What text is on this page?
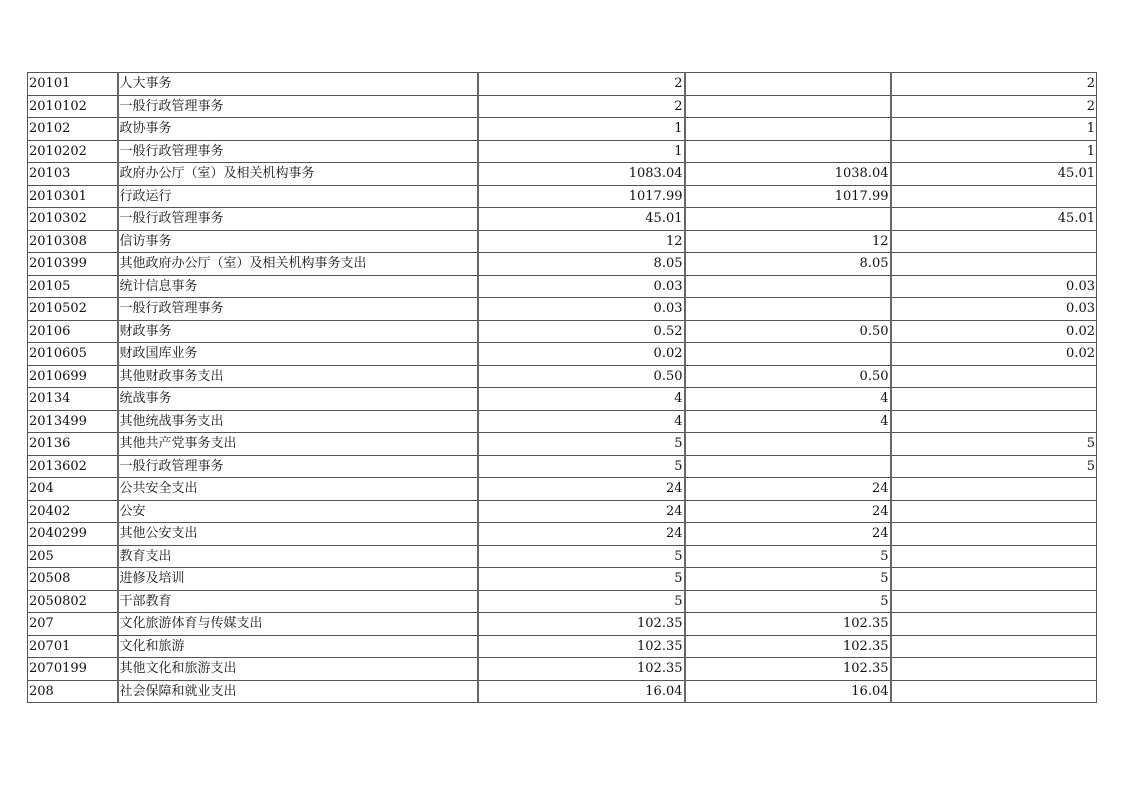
20101	人大事务	2		2
2010102	一般行政管理事务	2		2
20102	政协事务	1		1
2010202	一般行政管理事务	1		1
20103	政府办公厅（室）及相关机构事务	1083.04	1038.04	45.01
2010301	行政运行	1017.99	1017.99	
2010302	一般行政管理事务	45.01		45.01
2010308	信访事务	12	12	
2010399	其他政府办公厅（室）及相关机构事务支出	8.05	8.05	
20105	统计信息事务	0.03		0.03
2010502	一般行政管理事务	0.03		0.03
20106	财政事务	0.52	0.50	0.02
2010605	财政国库业务	0.02		0.02
2010699	其他财政事务支出	0.50	0.50	
20134	统战事务	4	4	
2013499	其他统战事务支出	4	4	
20136	其他共产党事务支出	5		5
2013602	一般行政管理事务	5		5
204	公共安全支出	24	24	
20402	公安	24	24	
2040299	其他公安支出	24	24	
205	教育支出	5	5	
20508	进修及培训	5	5	
2050802	干部教育	5	5	
207	文化旅游体育与传媒支出	102.35	102.35	
20701	文化和旅游	102.35	102.35	
2070199	其他文化和旅游支出	102.35	102.35	
208	社会保障和就业支出	16.04	16.04	
